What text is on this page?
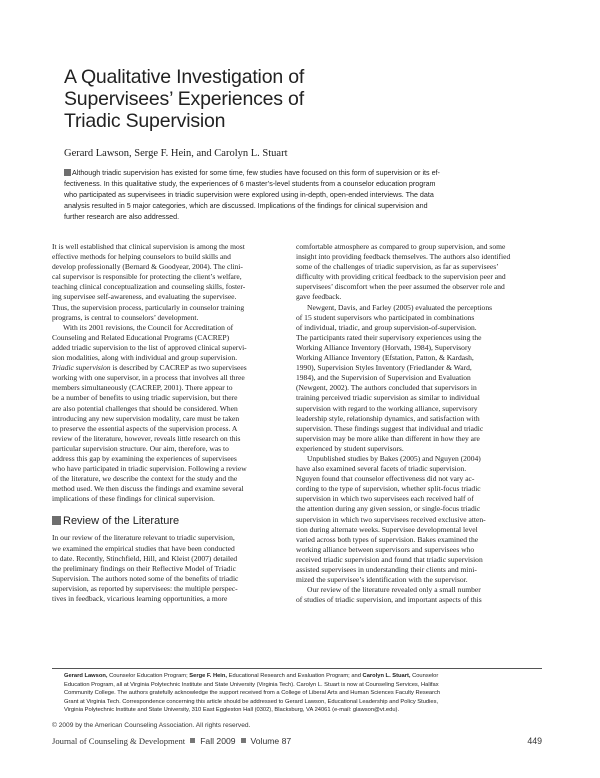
A Qualitative Investigation of
Supervisees’ Experiences of
Triadic Supervision
Gerard Lawson, Serge F. Hein, and Carolyn L. Stuart
Although triadic supervision has existed for some time, few studies have focused on this form of supervision or its ef-
fectiveness. In this qualitative study, the experiences of 6 master’s-level students from a counselor education program
who participated as supervisees in triadic supervision were explored using in-depth, open-ended interviews. The data
analysis resulted in 5 major categories, which are discussed. Implications of the findings for clinical supervision and
further research are also addressed.
It is well established that clinical supervision is among the most
effective methods for helping counselors to build skills and
develop professionally (Bernard & Goodyear, 2004). The clini-
cal supervisor is responsible for protecting the client’s welfare,
teaching clinical conceptualization and counseling skills, foster-
ing supervisee self-awareness, and evaluating the supervisee.
Thus, the supervision process, particularly in counselor training
programs, is central to counselors’ development.
With its 2001 revisions, the Council for Accreditation of
Counseling and Related Educational Programs (CACREP)
added triadic supervision to the list of approved clinical supervi-
sion modalities, along with individual and group supervision.
Triadic supervision is described by CACREP as two supervisees
working with one supervisor, in a process that involves all three
members simultaneously (CACREP, 2001). There appear to
be a number of benefits to using triadic supervision, but there
are also potential challenges that should be considered. When
introducing any new supervision modality, care must be taken
to preserve the essential aspects of the supervision process. A
review of the literature, however, reveals little research on this
particular supervision structure. Our aim, therefore, was to
address this gap by examining the experiences of supervisees
who have participated in triadic supervision. Following a review
of the literature, we describe the context for the study and the
method used. We then discuss the findings and examine several
implications of these findings for clinical supervision.
Review of the Literature
In our review of the literature relevant to triadic supervision,
we examined the empirical studies that have been conducted
to date. Recently, Stinchfield, Hill, and Kleist (2007) detailed
the preliminary findings on their Reflective Model of Triadic
Supervision. The authors noted some of the benefits of triadic
supervision, as reported by supervisees: the multiple perspec-
tives in feedback, vicarious learning opportunities, a more
comfortable atmosphere as compared to group supervision, and some
insight into providing feedback themselves. The authors also identified
some of the challenges of triadic supervision, as far as supervisees’
difficulty with providing critical feedback to the supervision peer and
supervisees’ discomfort when the peer assumed the observer role and
gave feedback.
Newgent, Davis, and Farley (2005) evaluated the perceptions
of 15 student supervisors who participated in combinations
of individual, triadic, and group supervision-of-supervision.
The participants rated their supervisory experiences using the
Working Alliance Inventory (Horvath, 1984), Supervisory
Working Alliance Inventory (Efstation, Patton, & Kardash,
1990), Supervision Styles Inventory (Friedlander & Ward,
1984), and the Supervision of Supervision and Evaluation
(Newgent, 2002). The authors concluded that supervisors in
training perceived triadic supervision as similar to individual
supervision with regard to the working alliance, supervisory
leadership style, relationship dynamics, and satisfaction with
supervision. These findings suggest that individual and triadic
supervision may be more alike than different in how they are
experienced by student supervisors.
Unpublished studies by Bakes (2005) and Nguyen (2004)
have also examined several facets of triadic supervision.
Nguyen found that counselor effectiveness did not vary ac-
cording to the type of supervision, whether split-focus triadic
supervision in which two supervisees each received half of
the attention during any given session, or single-focus triadic
supervision in which two supervisees received exclusive atten-
tion during alternate weeks. Supervisee developmental level
varied across both types of supervision. Bakes examined the
working alliance between supervisors and supervisees who
received triadic supervision and found that triadic supervision
assisted supervisees in understanding their clients and mini-
mized the supervisee’s identification with the supervisor.
Our review of the literature revealed only a small number
of studies of triadic supervision, and important aspects of this
Gerard Lawson, Counselor Education Program; Serge F. Hein, Educational Research and Evaluation Program; and Carolyn L. Stuart, Counselor
Education Program, all at Virginia Polytechnic Institute and State University (Virginia Tech). Carolyn L. Stuart is now at Counseling Services, Halifax
Community College. The authors gratefully acknowledge the support received from a College of Liberal Arts and Human Sciences Faculty Research
Grant at Virginia Tech. Correspondence concerning this article should be addressed to Gerard Lawson, Educational Leadership and Policy Studies,
Virginia Polytechnic Institute and State University, 310 East Eggleston Hall (0302), Blacksburg, VA 24061 (e-mail: glawson@vt.edu).
© 2009 by the American Counseling Association. All rights reserved.
Journal of Counseling & Development Fall 2009 Volume 87	449
